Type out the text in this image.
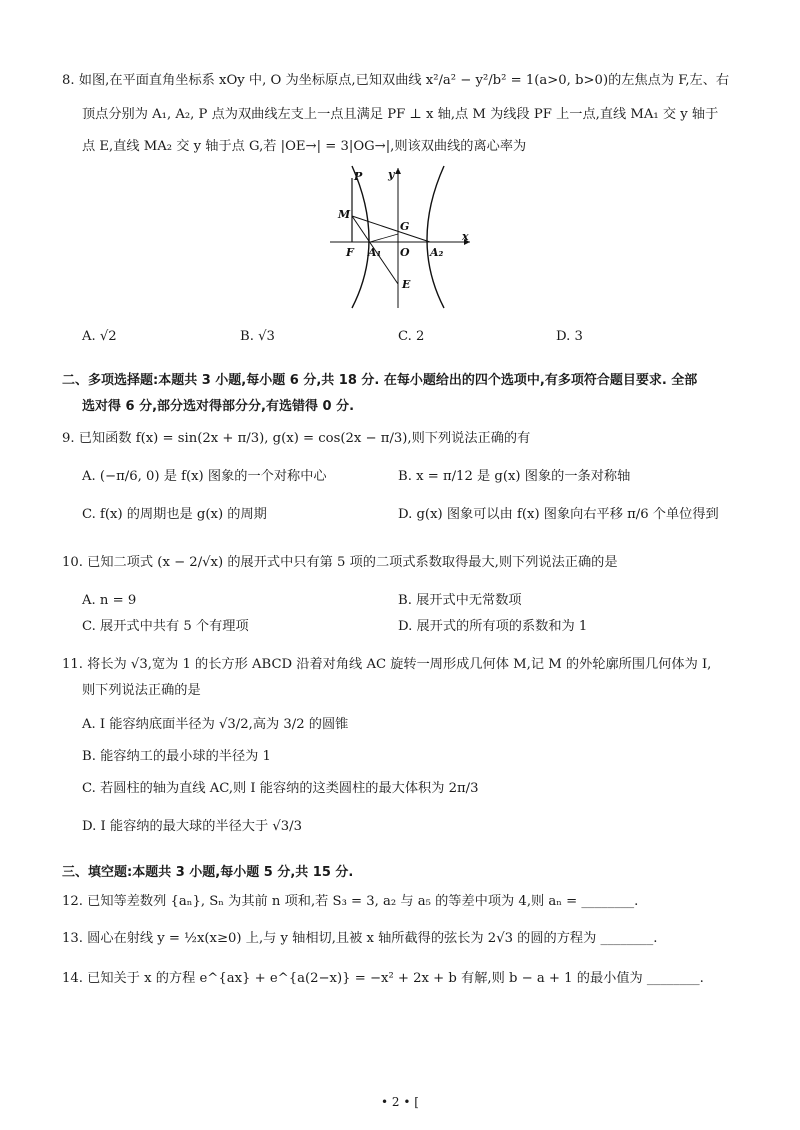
8. 如图,在平面直角坐标系 xOy 中, O 为坐标原点,已知双曲线 x²/a² − y²/b² = 1(a>0, b>0)的左焦点为 F,左、右
顶点分别为 A₁, A₂, P 点为双曲线左支上一点且满足 PF ⊥ x 轴,点 M 为线段 PF 上一点,直线 MA₁ 交 y 轴于
点 E,直线 MA₂ 交 y 轴于点 G,若 |OE→| = 3|OG→|,则该双曲线的离心率为
P y
M
G
F A₁ O A₂
x
E
A. √2	B. √3	C. 2	D. 3
二、多项选择题:本题共 3 小题,每小题 6 分,共 18 分. 在每小题给出的四个选项中,有多项符合题目要求. 全部
选对得 6 分,部分选对得部分分,有选错得 0 分.
9. 已知函数 f(x) = sin(2x + π/3), g(x) = cos(2x − π/3),则下列说法正确的有
A. (−π/6, 0) 是 f(x) 图象的一个对称中心	B. x = π/12 是 g(x) 图象的一条对称轴
C. f(x) 的周期也是 g(x) 的周期	D. g(x) 图象可以由 f(x) 图象向右平移 π/6 个单位得到
10. 已知二项式 (x − 2/√x) 的展开式中只有第 5 项的二项式系数取得最大,则下列说法正确的是
A. n = 9	B. 展开式中无常数项
C. 展开式中共有 5 个有理项	D. 展开式的所有项的系数和为 1
11. 将长为 √3,宽为 1 的长方形 ABCD 沿着对角线 AC 旋转一周形成几何体 M,记 M 的外轮廓所围几何体为 I,
则下列说法正确的是
A. I 能容纳底面半径为 √3/2,高为 3/2 的圆锥
B. 能容纳工的最小球的半径为 1
C. 若圆柱的轴为直线 AC,则 I 能容纳的这类圆柱的最大体积为 2π/3
D. I 能容纳的最大球的半径大于 √3/3
三、填空题:本题共 3 小题,每小题 5 分,共 15 分.
12. 已知等差数列 {aₙ}, Sₙ 为其前 n 项和,若 S₃ = 3, a₂ 与 a₅ 的等差中项为 4,则 aₙ = ________.
13. 圆心在射线 y = ½x(x≥0) 上,与 y 轴相切,且被 x 轴所截得的弦长为 2√3 的圆的方程为 ________.
14. 已知关于 x 的方程 e^{ax} + e^{a(2−x)} = −x² + 2x + b 有解,则 b − a + 1 的最小值为 ________.
• 2 • [
